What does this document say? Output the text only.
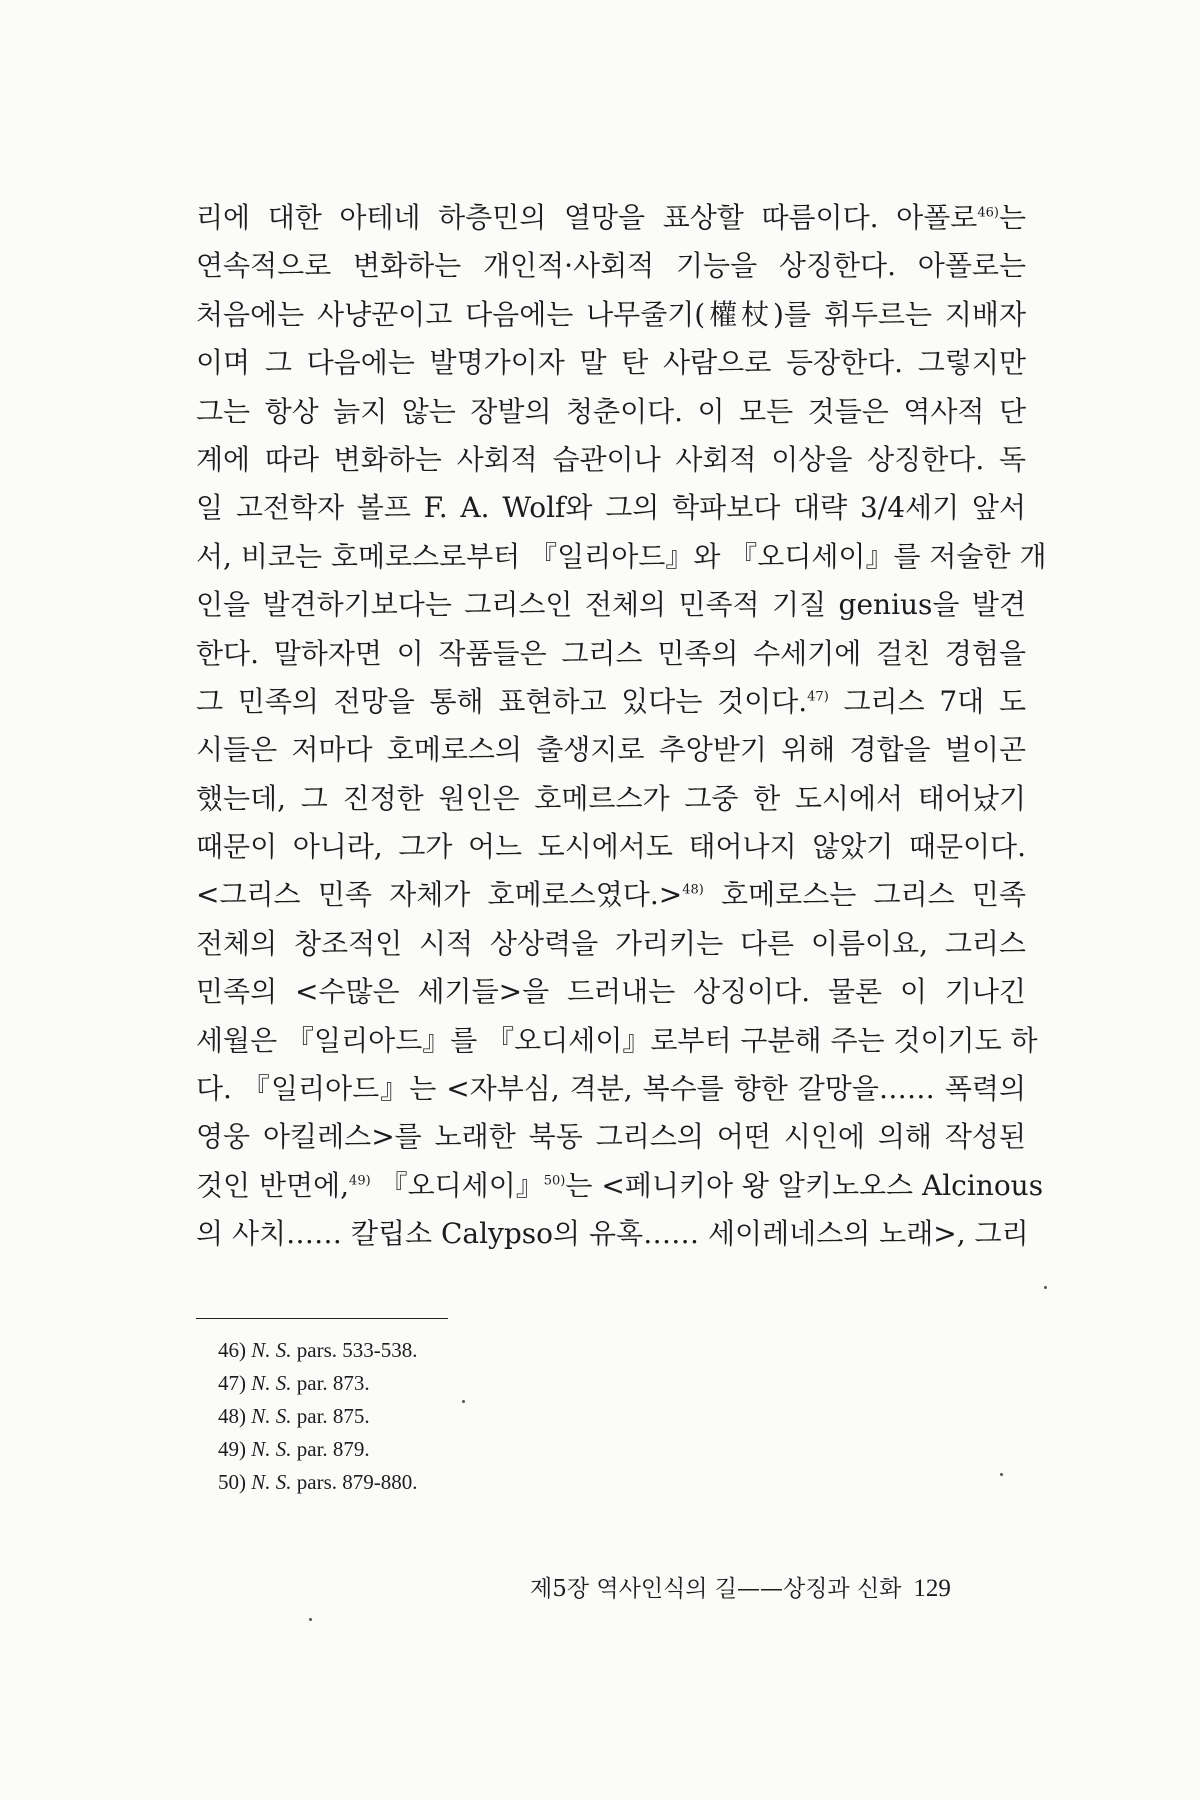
리에 대한 아테네 하층민의 열망을 표상할 따름이다. 아폴로$^{46)}$는
연속적으로 변화하는 개인적·사회적 기능을 상징한다. 아폴로는
처음에는 사냥꾼이고 다음에는 나무줄기(權杖)를 휘두르는 지배자
이며 그 다음에는 발명가이자 말 탄 사람으로 등장한다. 그렇지만
그는 항상 늙지 않는 장발의 청춘이다. 이 모든 것들은 역사적 단
계에 따라 변화하는 사회적 습관이나 사회적 이상을 상징한다. 독
일 고전학자 볼프 F. A. Wolf와 그의 학파보다 대략 3/4세기 앞서
서, 비코는 호메로스로부터 『일리아드』와 『오디세이』를 저술한 개
인을 발견하기보다는 그리스인 전체의 민족적 기질 genius을 발견
한다. 말하자면 이 작품들은 그리스 민족의 수세기에 걸친 경험을
그 민족의 전망을 통해 표현하고 있다는 것이다.$^{47)}$ 그리스 7대 도
시들은 저마다 호메로스의 출생지로 추앙받기 위해 경합을 벌이곤
했는데, 그 진정한 원인은 호메르스가 그중 한 도시에서 태어났기
때문이 아니라, 그가 어느 도시에서도 태어나지 않았기 때문이다.
<그리스 민족 자체가 호메로스였다.>$^{48)}$ 호메로스는 그리스 민족
전체의 창조적인 시적 상상력을 가리키는 다른 이름이요, 그리스
민족의 <수많은 세기들>을 드러내는 상징이다. 물론 이 기나긴
세월은 『일리아드』를 『오디세이』로부터 구분해 주는 것이기도 하
다. 『일리아드』는 <자부심, 격분, 복수를 향한 갈망을…… 폭력의
영웅 아킬레스>를 노래한 북동 그리스의 어떤 시인에 의해 작성된
것인 반면에,$^{49)}$ 『오디세이』$^{50)}$는 <페니키아 왕 알키노오스 Alcinous
의 사치…… 칼립소 Calypso의 유혹…… 세이레네스의 노래>, 그리
46) N. S. pars. 533-538.
47) N. S. par. 873.
48) N. S. par. 875.
49) N. S. par. 879.
50) N. S. pars. 879-880.
제5장 역사인식의 길——상징과 신화 129
